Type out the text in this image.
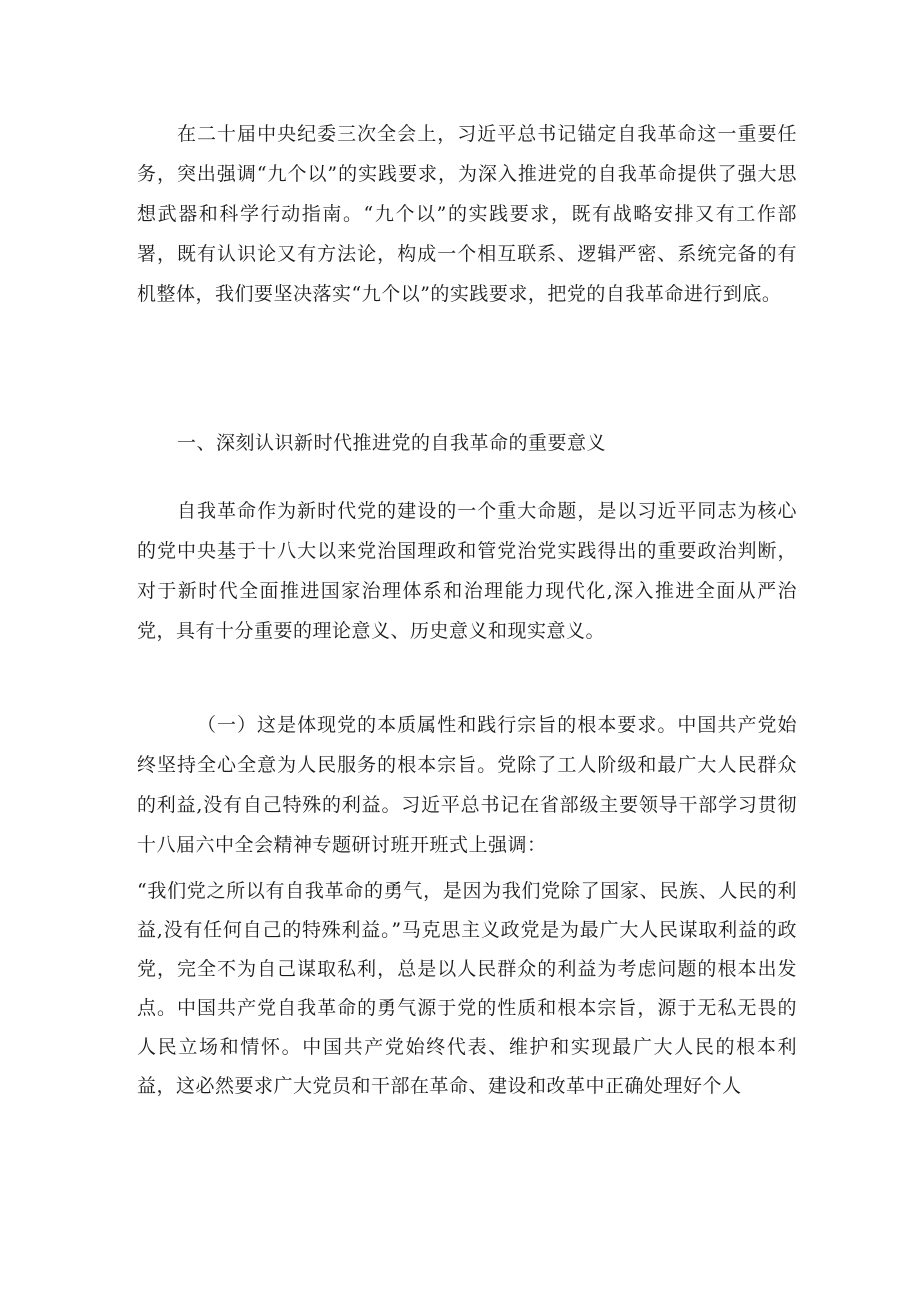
在二十届中央纪委三次全会上，习近平总书记锚定自我革命这一重要任务，突出强调“九个以”的实践要求，为深入推进党的自我革命提供了强大思想武器和科学行动指南。“九个以”的实践要求，既有战略安排又有工作部署，既有认识论又有方法论，构成一个相互联系、逻辑严密、系统完备的有机整体，我们要坚决落实“九个以”的实践要求，把党的自我革命进行到底。

一、深刻认识新时代推进党的自我革命的重要意义

自我革命作为新时代党的建设的一个重大命题，是以习近平同志为核心的党中央基于十八大以来党治国理政和管党治党实践得出的重要政治判断，对于新时代全面推进国家治理体系和治理能力现代化,深入推进全面从严治党，具有十分重要的理论意义、历史意义和现实意义。

（一）这是体现党的本质属性和践行宗旨的根本要求。中国共产党始终坚持全心全意为人民服务的根本宗旨。党除了工人阶级和最广大人民群众的利益,没有自己特殊的利益。习近平总书记在省部级主要领导干部学习贯彻十八届六中全会精神专题研讨班开班式上强调：

“我们党之所以有自我革命的勇气，是因为我们党除了国家、民族、人民的利益,没有任何自己的特殊利益。”马克思主义政党是为最广大人民谋取利益的政党，完全不为自己谋取私利，总是以人民群众的利益为考虑问题的根本出发点。中国共产党自我革命的勇气源于党的性质和根本宗旨，源于无私无畏的人民立场和情怀。中国共产党始终代表、维护和实现最广大人民的根本利益，这必然要求广大党员和干部在革命、建设和改革中正确处理好个人
